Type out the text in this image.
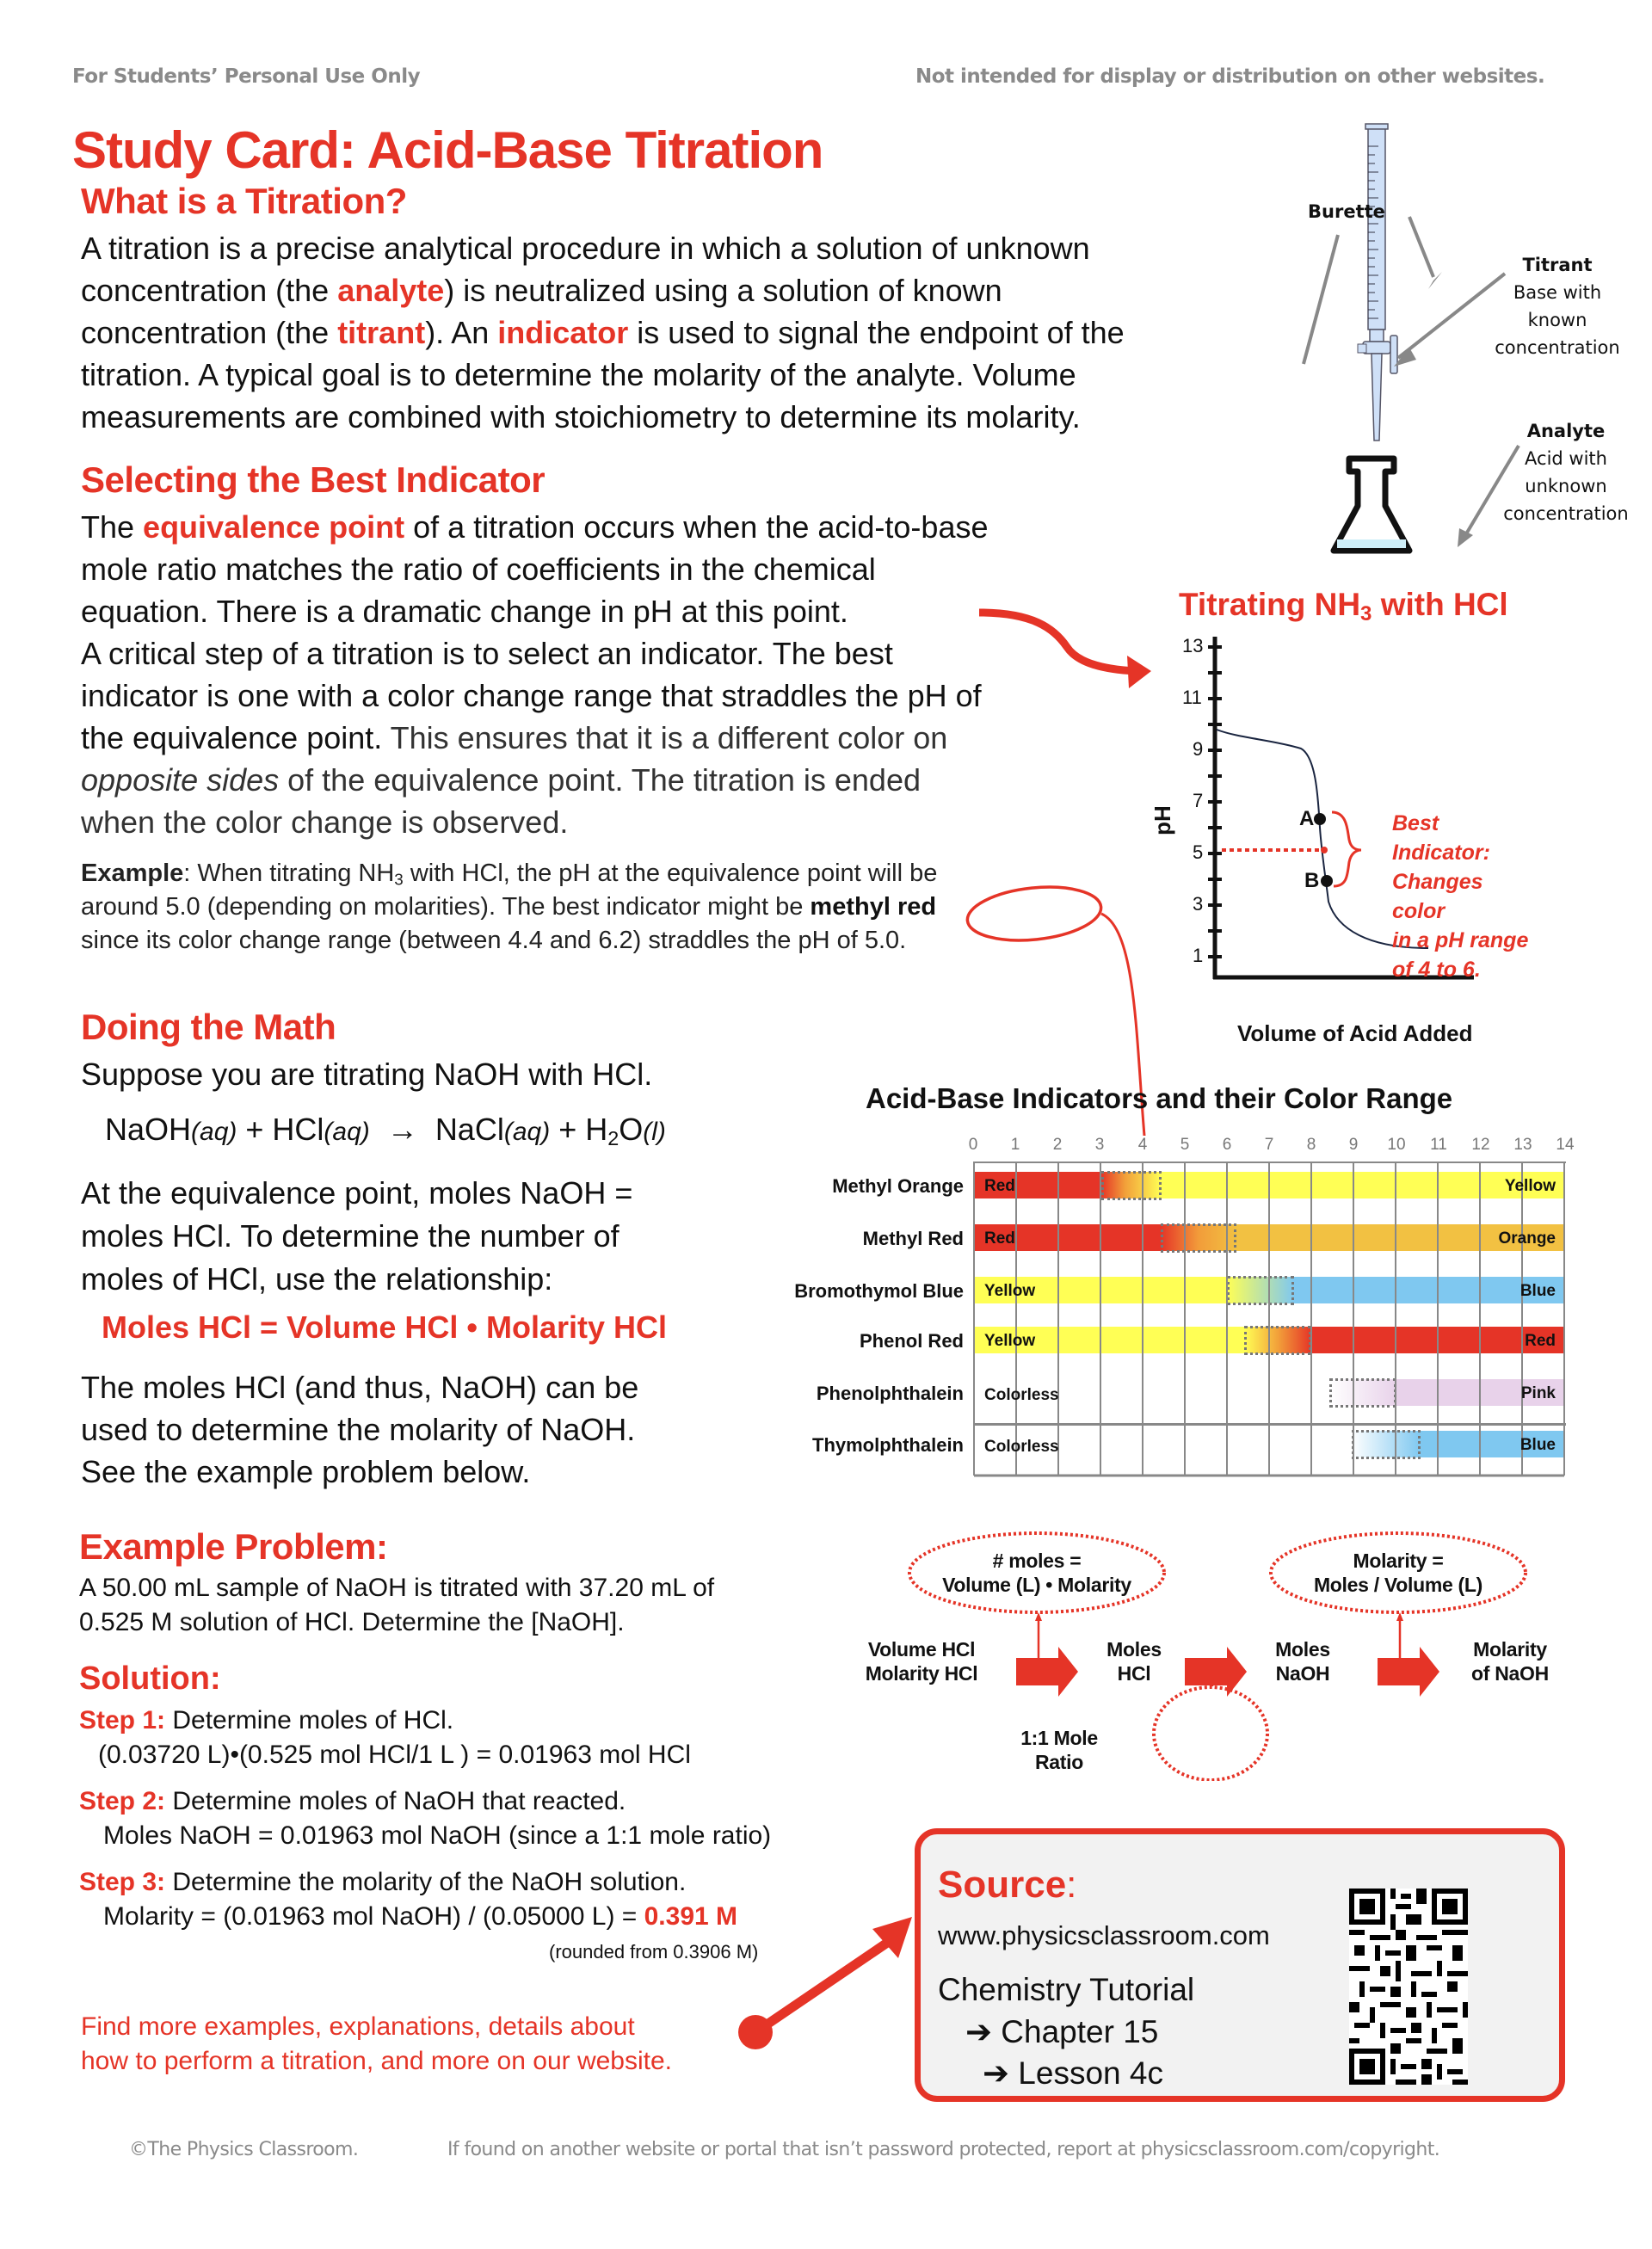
For Students’ Personal Use Only	Not intended for display or distribution on other websites.
Study Card: Acid-Base Titration
What is a Titration?
A titration is a precise analytical procedure in which a solution of unknown
concentration (the analyte) is neutralized using a solution of known
concentration (the titrant). An indicator is used to signal the endpoint of the
titration. A typical goal is to determine the molarity of the analyte. Volume
measurements are combined with stoichiometry to determine its molarity.
Burette
Titrant
Base with
known
concentration
Analyte
Acid with
unknown
concentration
Selecting the Best Indicator
The equivalence point of a titration occurs when the acid-to-base
mole ratio matches the ratio of coefficients in the chemical
equation. There is a dramatic change in pH at this point.
A critical step of a titration is to select an indicator. The best
indicator is one with a color change range that straddles the pH of
the equivalence point. This ensures that it is a different color on
opposite sides of the equivalence point. The titration is ended
when the color change is observed.
Example: When titrating $NH_3$ with HCl, the pH at the equivalence point will be
around 5.0 (depending on molarities). The best indicator might be methyl red
since its color change range (between 4.4 and 6.2) straddles the pH of 5.0.
Titrating $NH_3$ with HCl
13
11
9
7
5
3
1
pH	A
B
Best Indicator:
Changes color
in a pH range
of 4 to 6.
Volume of Acid Added
Acid-Base Indicators and their Color Range
0	1	2	3	4	5	6	7	8	9	10 11 12 13 14
Methyl Orange Red	Yellow
Methyl Red Red	Orange
Bromothymol Blue Yellow	Blue
Phenol Red Yellow	Red
Phenolphthalein Colorless	Pink
Thymolphthalein Colorless	Blue
Doing the Math
Suppose you are titrating NaOH with HCl.
NaOH(aq) + HCl(aq) → NaCl(aq) + $H_2O(l)$
At the equivalence point, moles NaOH =
moles HCl. To determine the number of
moles of HCl, use the relationship:
Moles HCl = Volume HCl • Molarity HCl
The moles HCl (and thus, NaOH) can be
used to determine the molarity of NaOH.
See the example problem below.
# moles =
Volume (L) • Molarity
Molarity =
Moles / Volume (L)
Volume HCl
Molarity HCl
Moles
HCl
Moles
NaOH
Molarity
of NaOH
1:1 Mole
Ratio
Example Problem:
A 50.00 mL sample of NaOH is titrated with 37.20 mL of
0.525 M solution of HCl. Determine the [NaOH].
Solution:
Step 1: Determine moles of HCl.
(0.03720 L)•(0.525 mol HCl/1 L ) = 0.01963 mol HCl
Step 2: Determine moles of NaOH that reacted.
Moles NaOH = 0.01963 mol NaOH (since a 1:1 mole ratio)
Step 3: Determine the molarity of the NaOH solution.
Molarity = (0.01963 mol NaOH) / (0.05000 L) = 0.391 M
(rounded from 0.3906 M)
Find more examples, explanations, details about
how to perform a titration, and more on our website.
Source:
www.physicsclassroom.com
Chemistry Tutorial
➔ Chapter 15
➔ Lesson 4c
©The Physics Classroom.	If found on another website or portal that isn’t password protected, report at physicsclassroom.com/copyright.
